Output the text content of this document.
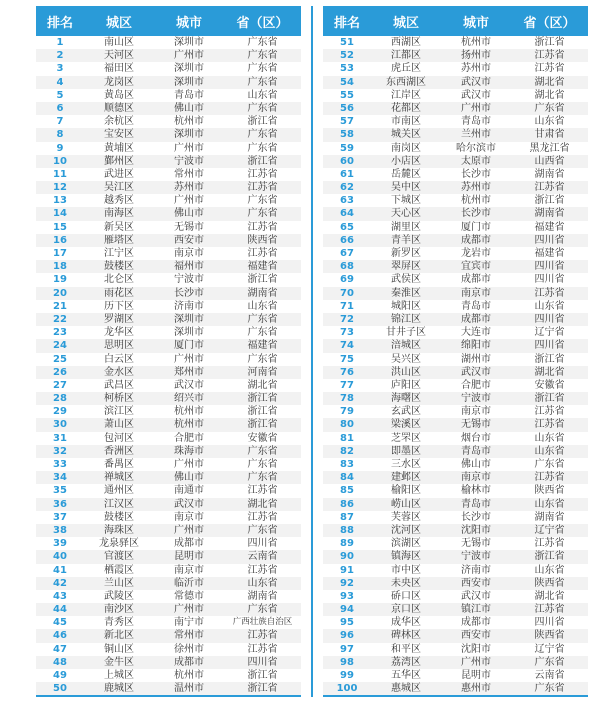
排名	城区	城市	省（区）
1	南山区	深圳市	广东省
2	天河区	广州市	广东省
3	福田区	深圳市	广东省
4	龙岗区	深圳市	广东省
5	黄岛区	青岛市	山东省
6	顺德区	佛山市	广东省
7	余杭区	杭州市	浙江省
8	宝安区	深圳市	广东省
9	黄埔区	广州市	广东省
10	鄞州区	宁波市	浙江省
11	武进区	常州市	江苏省
12	吴江区	苏州市	江苏省
13	越秀区	广州市	广东省
14	南海区	佛山市	广东省
15	新吴区	无锡市	江苏省
16	雁塔区	西安市	陕西省
17	江宁区	南京市	江苏省
18	鼓楼区	福州市	福建省
19	北仑区	宁波市	浙江省
20	雨花区	长沙市	湖南省
21	历下区	济南市	山东省
22	罗湖区	深圳市	广东省
23	龙华区	深圳市	广东省
24	思明区	厦门市	福建省
25	白云区	广州市	广东省
26	金水区	郑州市	河南省
27	武昌区	武汉市	湖北省
28	柯桥区	绍兴市	浙江省
29	滨江区	杭州市	浙江省
30	萧山区	杭州市	浙江省
31	包河区	合肥市	安徽省
32	香洲区	珠海市	广东省
33	番禺区	广州市	广东省
34	禅城区	佛山市	广东省
35	通州区	南通市	江苏省
36	江汉区	武汉市	湖北省
37	鼓楼区	南京市	江苏省
38	海珠区	广州市	广东省
39	龙泉驿区	成都市	四川省
40	官渡区	昆明市	云南省
41	栖霞区	南京市	江苏省
42	兰山区	临沂市	山东省
43	武陵区	常德市	湖南省
44	南沙区	广州市	广东省
45	青秀区	南宁市	广西壮族自治区
46	新北区	常州市	江苏省
47	铜山区	徐州市	江苏省
48	金牛区	成都市	四川省
49	上城区	杭州市	浙江省
50	鹿城区	温州市	浙江省
排名	城区	城市	省（区）
51	西湖区	杭州市	浙江省
52	江都区	扬州市	江苏省
53	虎丘区	苏州市	江苏省
54	东西湖区	武汉市	湖北省
55	江岸区	武汉市	湖北省
56	花都区	广州市	广东省
57	市南区	青岛市	山东省
58	城关区	兰州市	甘肃省
59	南岗区	哈尔滨市	黑龙江省
60	小店区	太原市	山西省
61	岳麓区	长沙市	湖南省
62	吴中区	苏州市	江苏省
63	下城区	杭州市	浙江省
64	天心区	长沙市	湖南省
65	湖里区	厦门市	福建省
66	青羊区	成都市	四川省
67	新罗区	龙岩市	福建省
68	翠屏区	宜宾市	四川省
69	武侯区	成都市	四川省
70	秦淮区	南京市	江苏省
71	城阳区	青岛市	山东省
72	锦江区	成都市	四川省
73	甘井子区	大连市	辽宁省
74	涪城区	绵阳市	四川省
75	吴兴区	湖州市	浙江省
76	洪山区	武汉市	湖北省
77	庐阳区	合肥市	安徽省
78	海曙区	宁波市	浙江省
79	玄武区	南京市	江苏省
80	梁溪区	无锡市	江苏省
81	芝罘区	烟台市	山东省
82	即墨区	青岛市	山东省
83	三水区	佛山市	广东省
84	建邺区	南京市	江苏省
85	榆阳区	榆林市	陕西省
86	崂山区	青岛市	山东省
87	芙蓉区	长沙市	湖南省
88	沈河区	沈阳市	辽宁省
89	滨湖区	无锡市	江苏省
90	镇海区	宁波市	浙江省
91	市中区	济南市	山东省
92	未央区	西安市	陕西省
93	硚口区	武汉市	湖北省
94	京口区	镇江市	江苏省
95	成华区	成都市	四川省
96	碑林区	西安市	陕西省
97	和平区	沈阳市	辽宁省
98	荔湾区	广州市	广东省
99	五华区	昆明市	云南省
100	惠城区	惠州市	广东省
